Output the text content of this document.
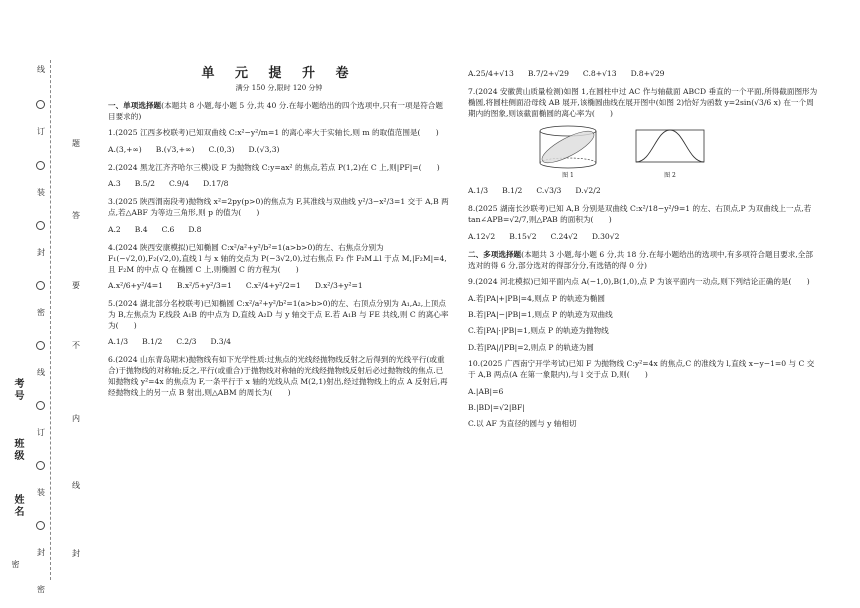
线
订
装
封
密
线
订
装
封
密
考号
班级
姓名
密
题
答
要
不
内
线
封
单 元 提 升 卷
满分 150 分,限时 120 分钟

一、单项选择题(本题共 8 小题,每小题 5 分,共 40 分.在每小题给出的四个选项中,只有一项是符合题目要求的)

1.(2025 江西多校联考)已知双曲线 C:x²−y²/m=1 的离心率大于实轴长,则 m 的取值范围是(　　)

A.(3,+∞) B.(√3,+∞) C.(0,3) D.(√3,3)

2.(2024 黑龙江齐齐哈尔三模)设 F 为抛物线 C:y=ax² 的焦点,若点 P(1,2)在 C 上,则|PF|=(　　)

A.3 B.5/2 C.9/4 D.17/8

3.(2025 陕西渭南段考)抛物线 x²=2py(p>0)的焦点为 F,其准线与双曲线 y²/3−x²/3=1 交于 A,B 两点,若△ABF 为等边三角形,则 p 的值为(　　)

A.2 B.4 C.6 D.8

4.(2024 陕西安康模拟)已知椭圆 C:x²/a²+y²/b²=1(a>b>0)的左、右焦点分别为 F₁(−√2,0),F₂(√2,0),直线 l 与 x 轴的交点为 P(−3√2,0),过右焦点 F₂ 作 F₂M⊥l 于点 M,|F₂M|=4,且 F₂M 的中点 Q 在椭圆 C 上,则椭圆 C 的方程为(　　)

A.x²/6+y²/4=1 B.x²/5+y²/3=1 C.x²/4+y²/2=1 D.x²/3+y²=1

5.(2024 湖北部分名校联考)已知椭圆 C:x²/a²+y²/b²=1(a>b>0)的左、右顶点分别为 A₁,A₂,上顶点为 B,左焦点为 F,线段 A₁B 的中点为 D,直线 A₂D 与 y 轴交于点 E.若 A₁B 与 FE 共线,则 C 的离心率为(　　)

A.1/3 B.1/2 C.2/3 D.3/4

6.(2024 山东青岛期末)抛物线有如下光学性质:过焦点的光线经抛物线反射之后得到的光线平行(或重合)于抛物线的对称轴;反之,平行(或重合)于抛物线对称轴的光线经抛物线反射后必过抛物线的焦点.已知抛物线 y²=4x 的焦点为 F,一条平行于 x 轴的光线从点 M(2,1)射出,经过抛物线上的点 A 反射后,再经抛物线上的另一点 B 射出,则△ABM 的周长为(　　)

A.25/4+√13 B.7/2+√29 C.8+√13 D.8+√29

7.(2024 安徽黄山质量检测)如图 1,在圆柱中过 AC 作与轴截面 ABCD 垂直的一个平面,所得截面图形为椭圆,将圆柱侧面沿母线 AB 展开,该椭圆曲线在展开图中(如图 2)恰好为函数 y=2sin(√3/6 x) 在一个周期内的图象,则该截面椭圆的离心率为(　　)

图 1	图 2
A.1/3 B.1/2 C.√3/3 D.√2/2

8.(2025 湖南长沙联考)已知 A,B 分别是双曲线 C:x²/18−y²/9=1 的左、右顶点,P 为双曲线上一点,若 tan∠APB=√2/7,则△PAB 的面积为(　　)

A.12√2 B.15√2 C.24√2 D.30√2

二、多项选择题(本题共 3 小题,每小题 6 分,共 18 分.在每小题给出的选项中,有多项符合题目要求,全部选对的得 6 分,部分选对的得部分分,有选错的得 0 分)

9.(2024 河北模拟)已知平面内点 A(−1,0),B(1,0),点 P 为该平面内一动点,则下列结论正确的是(　　)

A.若|PA|+|PB|=4,则点 P 的轨迹为椭圆

B.若|PA|−|PB|=1,则点 P 的轨迹为双曲线

C.若|PA|·|PB|=1,则点 P 的轨迹为抛物线

D.若|PA|/|PB|=2,则点 P 的轨迹为圆

10.(2025 广西南宁开学考试)已知 F 为抛物线 C:y²=4x 的焦点,C 的准线为 l,直线 x−y−1=0 与 C 交于 A,B 两点(A 在第一象限内),与 l 交于点 D,则(　　)

A.|AB|=6

B.|BD|=√2|BF|

C.以 AF 为直径的圆与 y 轴相切
